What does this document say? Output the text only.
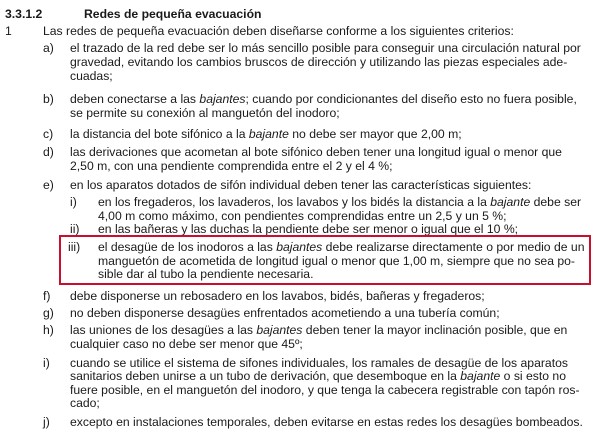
3.3.1.2	Redes de pequeña evacuación
1	Las redes de pequeña evacuación deben diseñarse conforme a los siguientes criterios:
a) el trazado de la red debe ser lo más sencillo posible para conseguir una circulación natural por
gravedad, evitando los cambios bruscos de dirección y utilizando las piezas especiales ade-
cuadas;
b) deben conectarse a las bajantes; cuando por condicionantes del diseño esto no fuera posible,
se permite su conexión al manguetón del inodoro;
c) la distancia del bote sifónico a la bajante no debe ser mayor que 2,00 m;
d) las derivaciones que acometan al bote sifónico deben tener una longitud igual o menor que
2,50 m, con una pendiente comprendida entre el 2 y el 4 %;
e) en los aparatos dotados de sifón individual deben tener las características siguientes:
i) en los fregaderos, los lavaderos, los lavabos y los bidés la distancia a la bajante debe ser
4,00 m como máximo, con pendientes comprendidas entre un 2,5 y un 5 %;
ii) en las bañeras y las duchas la pendiente debe ser menor o igual que el 10 %;
iii) el desagüe de los inodoros a las bajantes debe realizarse directamente o por medio de un
manguetón de acometida de longitud igual o menor que 1,00 m, siempre que no sea po-
sible dar al tubo la pendiente necesaria.
f) debe disponerse un rebosadero en los lavabos, bidés, bañeras y fregaderos;
g) no deben disponerse desagües enfrentados acometiendo a una tubería común;
h) las uniones de los desagües a las bajantes deben tener la mayor inclinación posible, que en
cualquier caso no debe ser menor que 45º;
i) cuando se utilice el sistema de sifones individuales, los ramales de desagüe de los aparatos
sanitarios deben unirse a un tubo de derivación, que desemboque en la bajante o si esto no
fuere posible, en el manguetón del inodoro, y que tenga la cabecera registrable con tapón ros-
cado;
j) excepto en instalaciones temporales, deben evitarse en estas redes los desagües bombeados.
